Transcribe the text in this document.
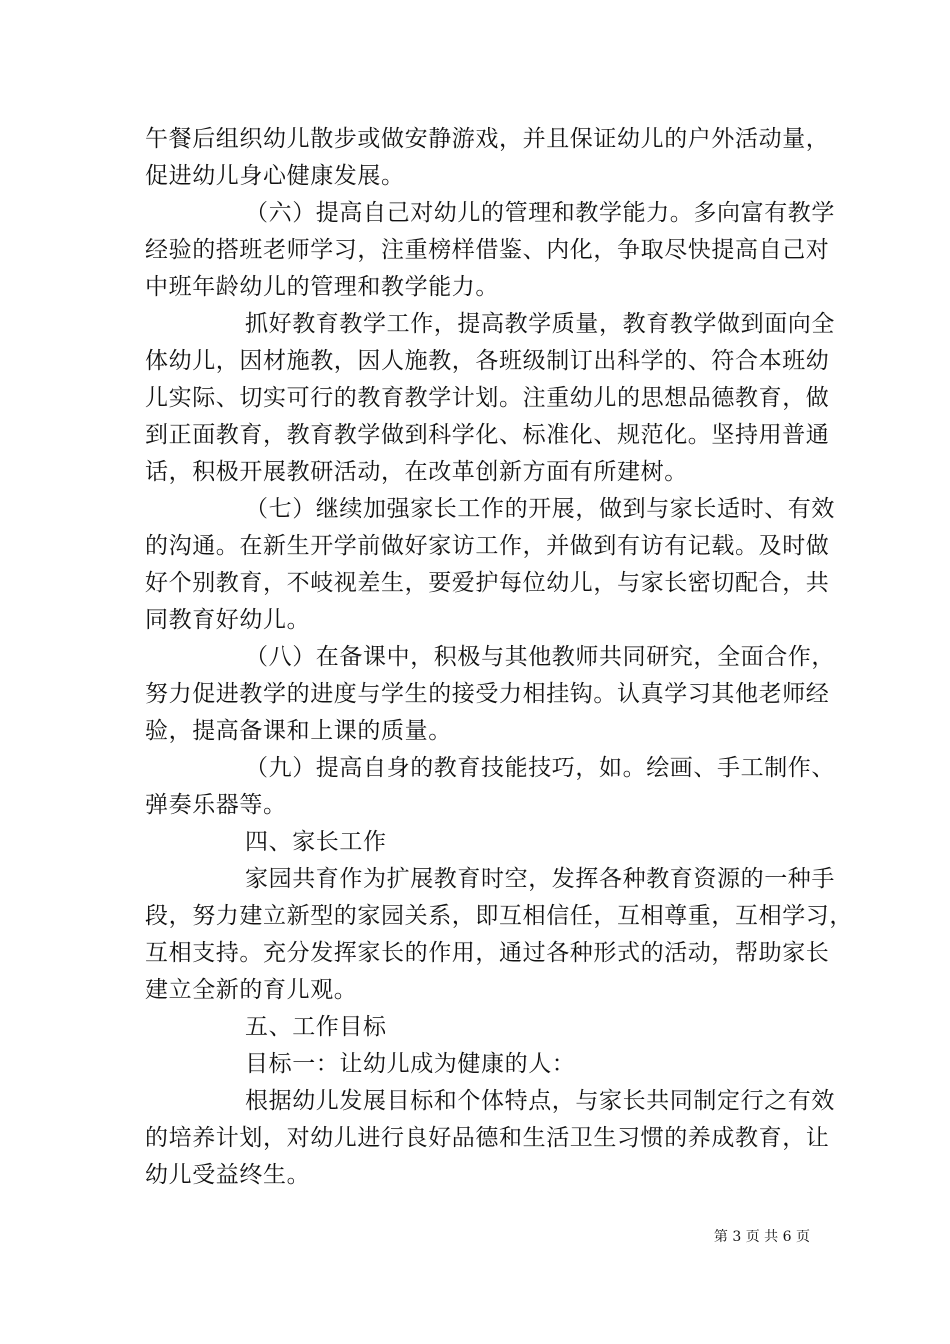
午餐后组织幼儿散步或做安静游戏，并且保证幼儿的户外活动量，
促进幼儿身心健康发展。
（六）提高自己对幼儿的管理和教学能力。多向富有教学
经验的搭班老师学习，注重榜样借鉴、内化，争取尽快提高自己对
中班年龄幼儿的管理和教学能力。
抓好教育教学工作，提高教学质量，教育教学做到面向全
体幼儿，因材施教，因人施教，各班级制订出科学的、符合本班幼
儿实际、切实可行的教育教学计划。注重幼儿的思想品德教育，做
到正面教育，教育教学做到科学化、标准化、规范化。坚持用普通
话，积极开展教研活动，在改革创新方面有所建树。
（七）继续加强家长工作的开展，做到与家长适时、有效
的沟通。在新生开学前做好家访工作，并做到有访有记载。及时做
好个别教育，不岐视差生，要爱护每位幼儿，与家长密切配合，共
同教育好幼儿。
（八）在备课中，积极与其他教师共同研究，全面合作，
努力促进教学的进度与学生的接受力相挂钩。认真学习其他老师经
验，提高备课和上课的质量。
（九）提高自身的教育技能技巧，如。绘画、手工制作、
弹奏乐器等。
四、家长工作
家园共育作为扩展教育时空，发挥各种教育资源的一种手
段，努力建立新型的家园关系，即互相信任，互相尊重，互相学习，
互相支持。充分发挥家长的作用，通过各种形式的活动，帮助家长
建立全新的育儿观。
五、工作目标
目标一：让幼儿成为健康的人：
根据幼儿发展目标和个体特点，与家长共同制定行之有效
的培养计划，对幼儿进行良好品德和生活卫生习惯的养成教育，让
幼儿受益终生。
第 3 页 共 6 页
